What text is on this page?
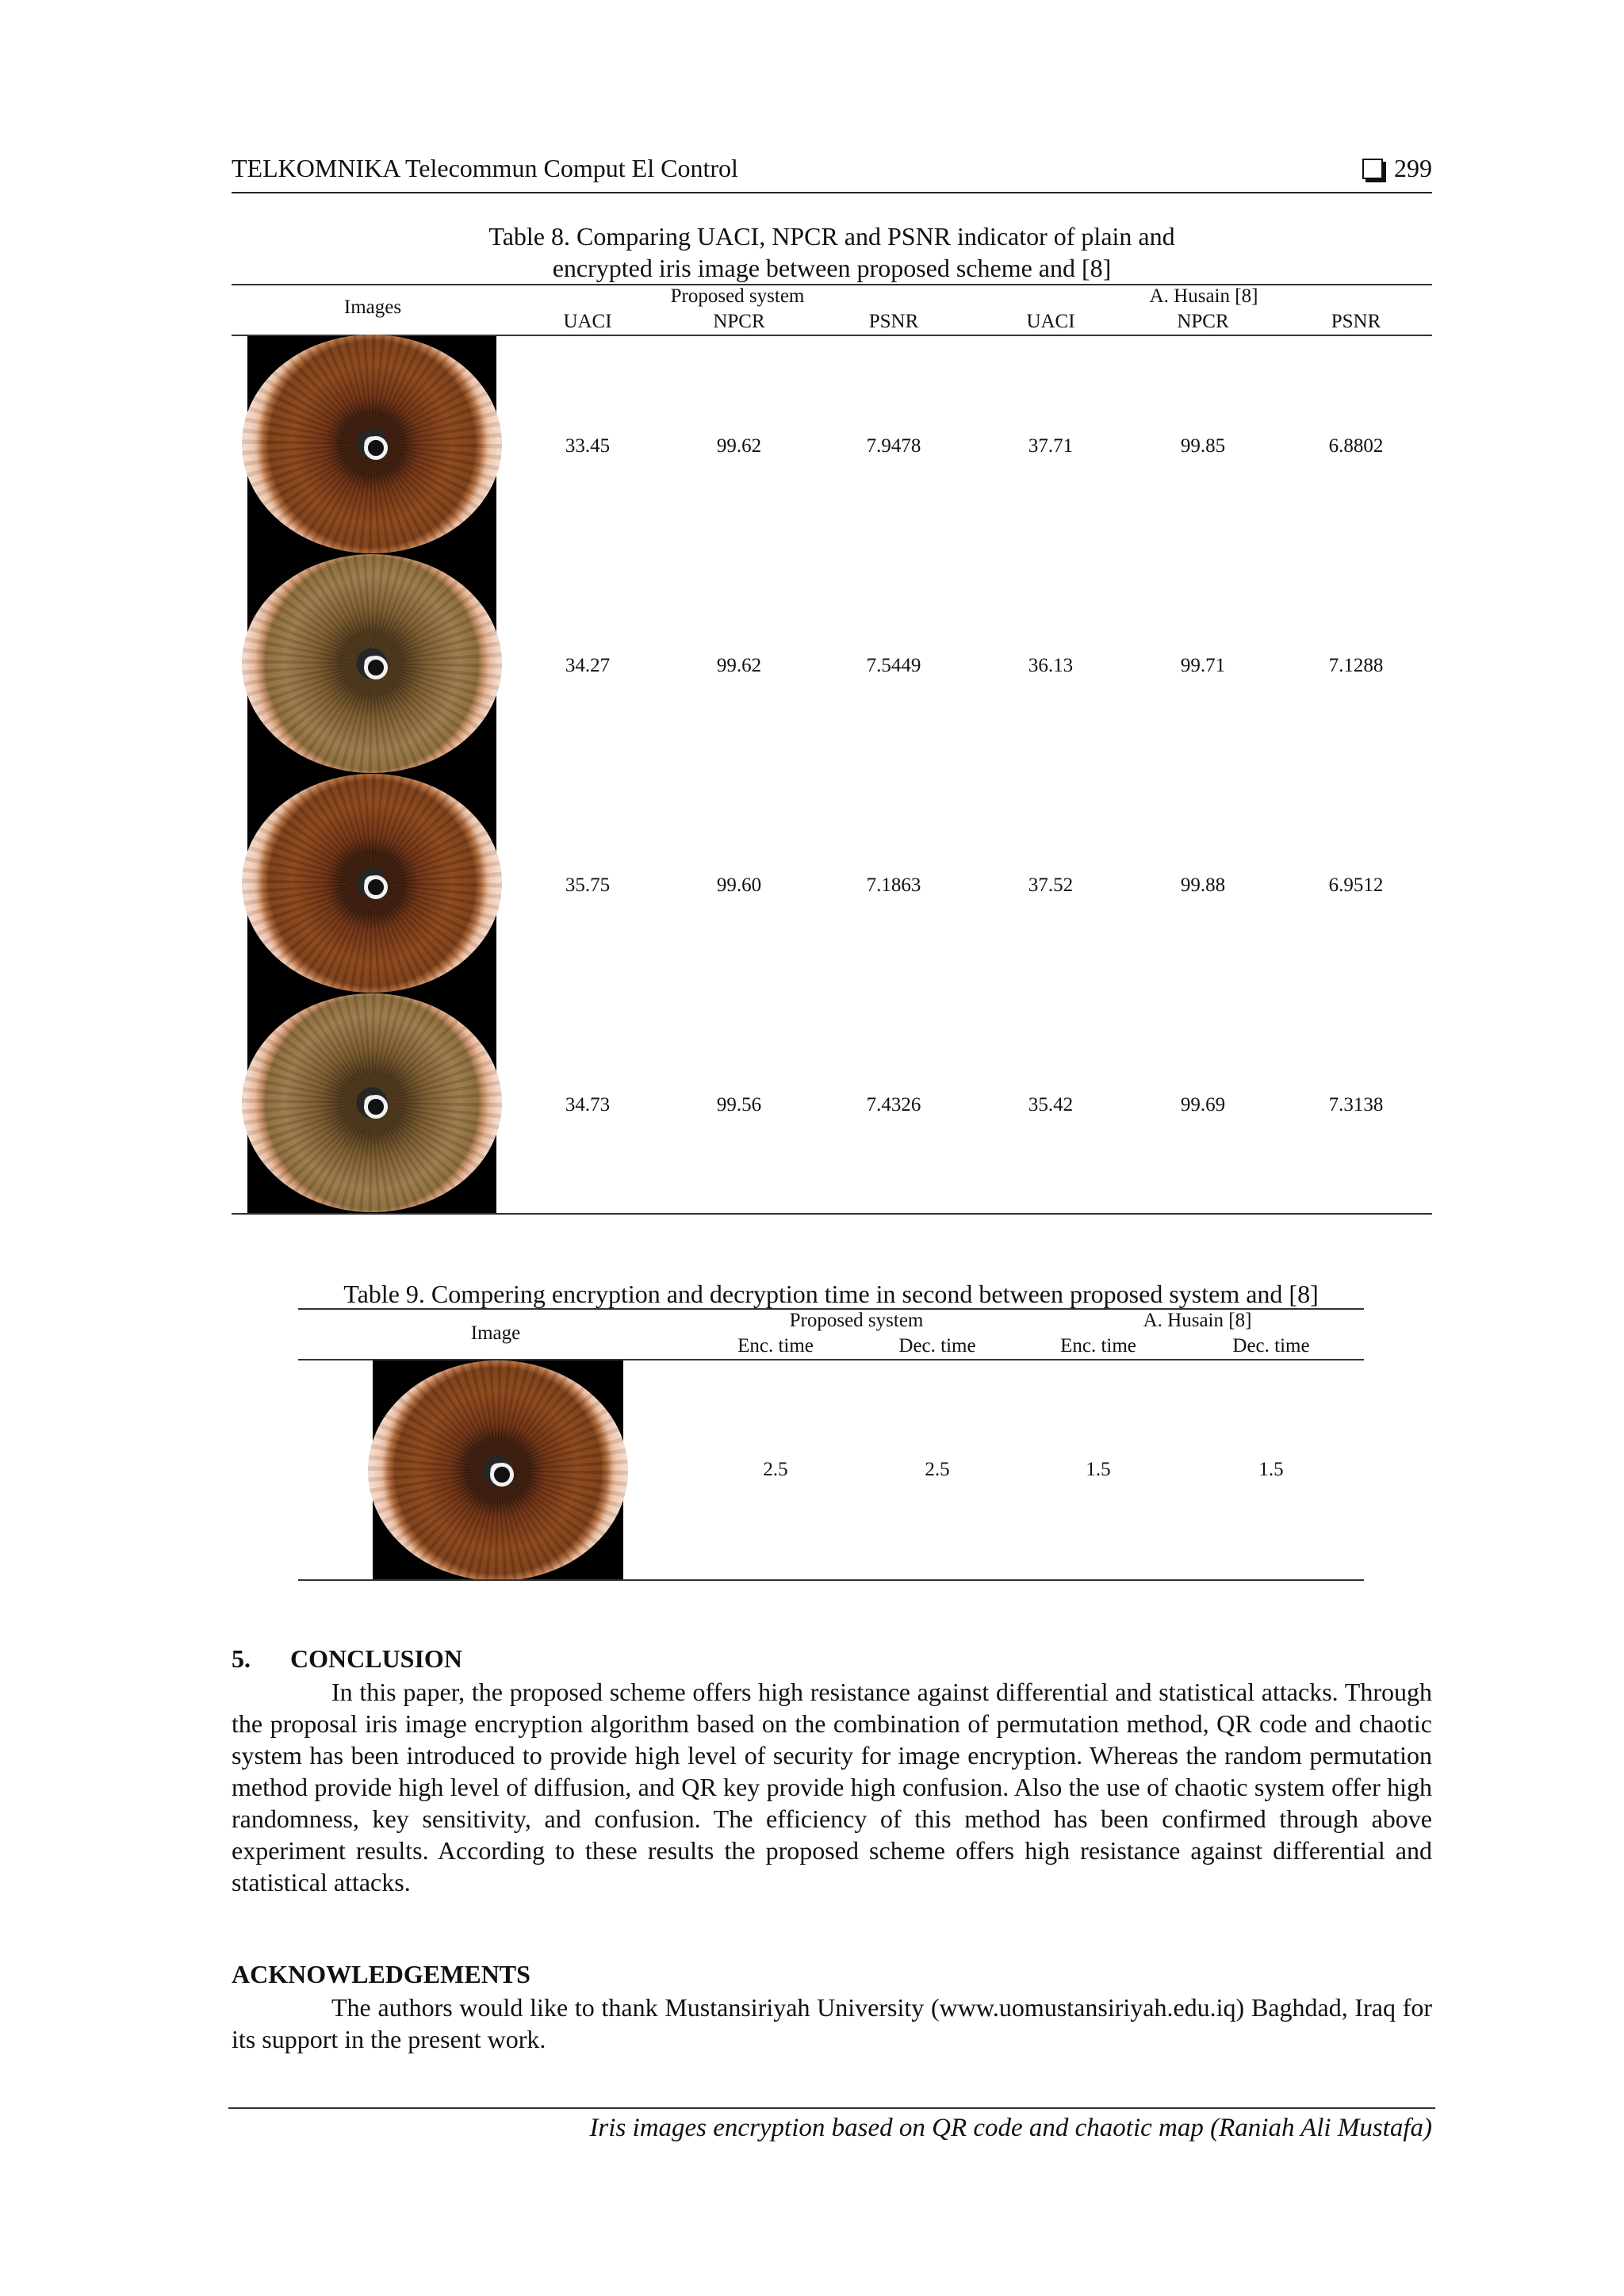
TELKOMNIKA Telecommun Comput El Control	299
Table 8. Comparing UACI, NPCR and PSNR indicator of plain and
encrypted iris image between proposed scheme and [8]
Images
Proposed system	A. Husain [8]
UACI	NPCR	PSNR	UACI	NPCR	PSNR
33.45	99.62	7.9478	37.71	99.85	6.8802
34.27	99.62	7.5449	36.13	99.71	7.1288
35.75	99.60	7.1863	37.52	99.88	6.9512
34.73	99.56	7.4326	35.42	99.69	7.3138
Table 9. Compering encryption and decryption time in second between proposed system and [8]
Image
Proposed system	A. Husain [8]
Enc. time	Dec. time	Enc. time	Dec. time
2.5	2.5	1.5	1.5
5. CONCLUSION
In this paper, the proposed scheme offers high resistance against differential and statistical attacks. Through the proposal iris image encryption algorithm based on the combination of permutation method, QR code and chaotic system has been introduced to provide high level of security for image encryption. Whereas the random permutation method provide high level of diffusion, and QR key provide high confusion. Also the use of chaotic system offer high randomness, key sensitivity, and confusion. The efficiency of this method has been confirmed through above experiment results. According to these results the proposed scheme offers high resistance against differential and statistical attacks.
ACKNOWLEDGEMENTS
The authors would like to thank Mustansiriyah University (www.uomustansiriyah.edu.iq) Baghdad, Iraq for its support in the present work.
Iris images encryption based on QR code and chaotic map (Raniah Ali Mustafa)
